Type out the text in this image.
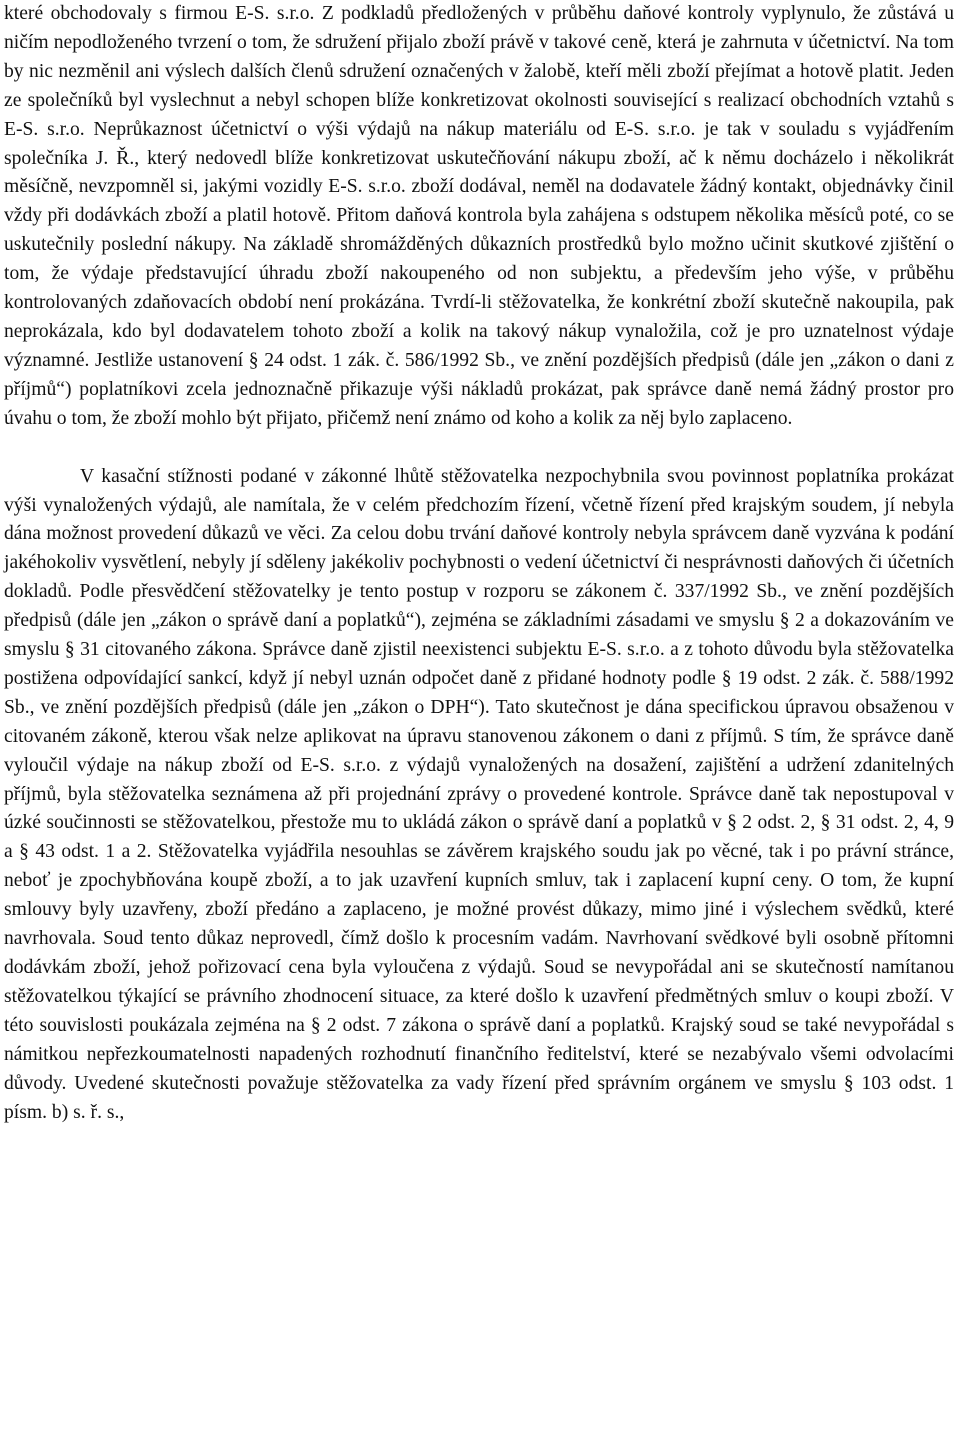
které obchodovaly s firmou E-S. s.r.o. Z podkladů předložených v průběhu daňové kontroly vyplynulo, že zůstává u ničím nepodloženého tvrzení o tom, že sdružení přijalo zboží právě v takové ceně, která je zahrnuta v účetnictví. Na tom by nic nezměnil ani výslech dalších členů sdružení označených v žalobě, kteří měli zboží přejímat a hotově platit. Jeden ze společníků byl vyslechnut a nebyl schopen blíže konkretizovat okolnosti související s realizací obchodních vztahů s E-S. s.r.o. Neprůkaznost účetnictví o výši výdajů na nákup materiálu od E-S. s.r.o. je tak v souladu s vyjádřením společníka J. Ř., který nedovedl blíže konkretizovat uskutečňování nákupu zboží, ač k němu docházelo i několikrát měsíčně, nevzpomněl si, jakými vozidly E-S. s.r.o. zboží dodával, neměl na dodavatele žádný kontakt, objednávky činil vždy při dodávkách zboží a platil hotově. Přitom daňová kontrola byla zahájena s odstupem několika měsíců poté, co se uskutečnily poslední nákupy. Na základě shromážděných důkazních prostředků bylo možno učinit skutkové zjištění o tom, že výdaje představující úhradu zboží nakoupeného od non subjektu, a především jeho výše, v průběhu kontrolovaných zdaňovacích období není prokázána. Tvrdí-li stěžovatelka, že konkrétní zboží skutečně nakoupila, pak neprokázala, kdo byl dodavatelem tohoto zboží a kolik na takový nákup vynaložila, což je pro uznatelnost výdaje významné. Jestliže ustanovení § 24 odst. 1 zák. č. 586/1992 Sb., ve znění pozdějších předpisů (dále jen „zákon o dani z příjmů“) poplatníkovi zcela jednoznačně přikazuje výši nákladů prokázat, pak správce daně nemá žádný prostor pro úvahu o tom, že zboží mohlo být přijato, přičemž není známo od koho a kolik za něj bylo zaplaceno.

V kasační stížnosti podané v zákonné lhůtě stěžovatelka nezpochybnila svou povinnost poplatníka prokázat výši vynaložených výdajů, ale namítala, že v celém předchozím řízení, včetně řízení před krajským soudem, jí nebyla dána možnost provedení důkazů ve věci. Za celou dobu trvání daňové kontroly nebyla správcem daně vyzvána k podání jakéhokoliv vysvětlení, nebyly jí sděleny jakékoliv pochybnosti o vedení účetnictví či nesprávnosti daňových či účetních dokladů. Podle přesvědčení stěžovatelky je tento postup v rozporu se zákonem č. 337/1992 Sb., ve znění pozdějších předpisů (dále jen „zákon o správě daní a poplatků“), zejména se základními zásadami ve smyslu § 2 a dokazováním ve smyslu § 31 citovaného zákona. Správce daně zjistil neexistenci subjektu E-S. s.r.o. a z tohoto důvodu byla stěžovatelka postižena odpovídající sankcí, když jí nebyl uznán odpočet daně z přidané hodnoty podle § 19 odst. 2 zák. č. 588/1992 Sb., ve znění pozdějších předpisů (dále jen „zákon o DPH“). Tato skutečnost je dána specifickou úpravou obsaženou v citovaném zákoně, kterou však nelze aplikovat na úpravu stanovenou zákonem o dani z příjmů. S tím, že správce daně vyloučil výdaje na nákup zboží od E-S. s.r.o. z výdajů vynaložených na dosažení, zajištění a udržení zdanitelných příjmů, byla stěžovatelka seznámena až při projednání zprávy o provedené kontrole. Správce daně tak nepostupoval v úzké součinnosti se stěžovatelkou, přestože mu to ukládá zákon o správě daní a poplatků v § 2 odst. 2, § 31 odst. 2, 4, 9 a § 43 odst. 1 a 2. Stěžovatelka vyjádřila nesouhlas se závěrem krajského soudu jak po věcné, tak i po právní stránce, neboť je zpochybňována koupě zboží, a to jak uzavření kupních smluv, tak i zaplacení kupní ceny. O tom, že kupní smlouvy byly uzavřeny, zboží předáno a zaplaceno, je možné provést důkazy, mimo jiné i výslechem svědků, které navrhovala. Soud tento důkaz neprovedl, čímž došlo k procesním vadám. Navrhovaní svědkové byli osobně přítomni dodávkám zboží, jehož pořizovací cena byla vyloučena z výdajů. Soud se nevypořádal ani se skutečností namítanou stěžovatelkou týkající se právního zhodnocení situace, za které došlo k uzavření předmětných smluv o koupi zboží. V této souvislosti poukázala zejména na § 2 odst. 7 zákona o správě daní a poplatků. Krajský soud se také nevypořádal s námitkou nepřezkoumatelnosti napadených rozhodnutí finančního ředitelství, které se nezabývalo všemi odvolacími důvody. Uvedené skutečnosti považuje stěžovatelka za vady řízení před správním orgánem ve smyslu § 103 odst. 1 písm. b) s. ř. s.,
